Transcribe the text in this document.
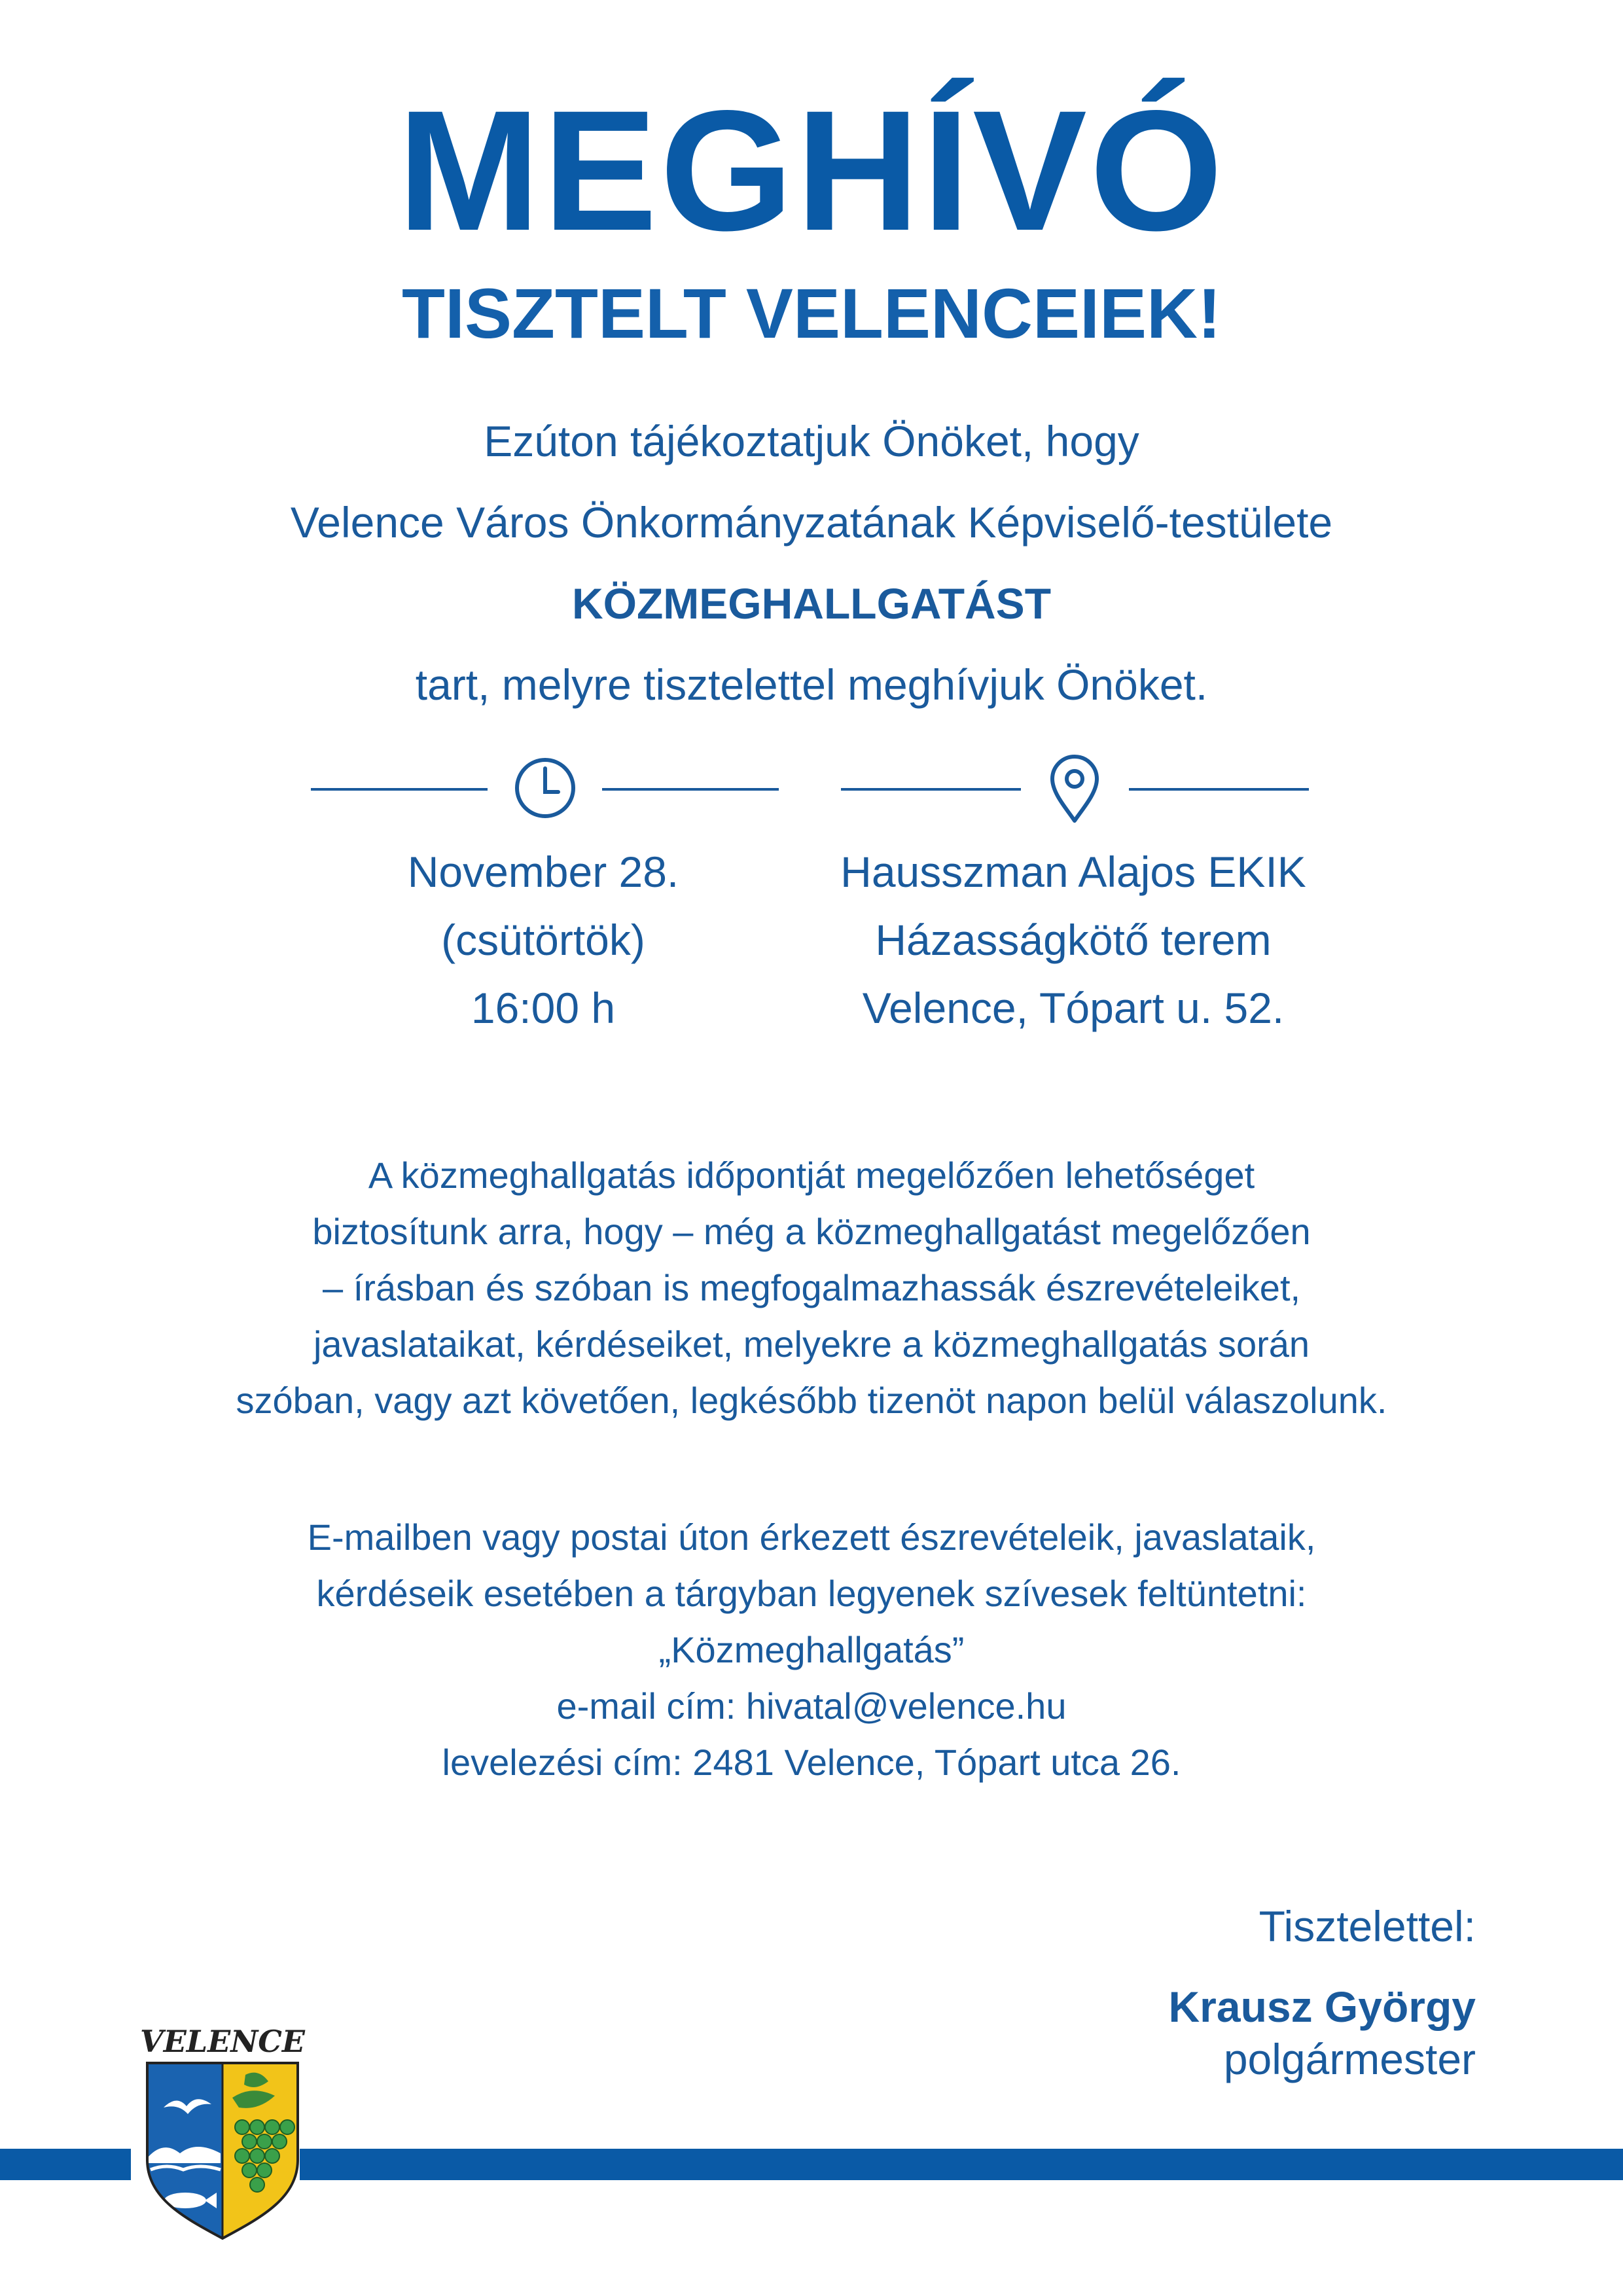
MEGHÍVÓ
TISZTELT VELENCEIEK!
Ezúton tájékoztatjuk Önöket, hogy
Velence Város Önkormányzatának Képviselő-testülete
KÖZMEGHALLGATÁST
tart, melyre tisztelettel meghívjuk Önöket.
November 28.
(csütörtök)
16:00 h
Hausszman Alajos EKIK
Házasságkötő terem
Velence, Tópart u. 52.
A közmeghallgatás időpontját megelőzően lehetőséget
biztosítunk arra, hogy – még a közmeghallgatást megelőzően
– írásban és szóban is megfogalmazhassák észrevételeiket,
javaslataikat, kérdéseiket, melyekre a közmeghallgatás során
szóban, vagy azt követően, legkésőbb tizenöt napon belül válaszolunk.
E-mailben vagy postai úton érkezett észrevételeik, javaslataik,
kérdéseik esetében a tárgyban legyenek szívesek feltüntetni:
„Közmeghallgatás”
e-mail cím: hivatal@velence.hu
levelezési cím: 2481 Velence, Tópart utca 26.
Tisztelettel:
Krausz György
polgármester
VELENCE
